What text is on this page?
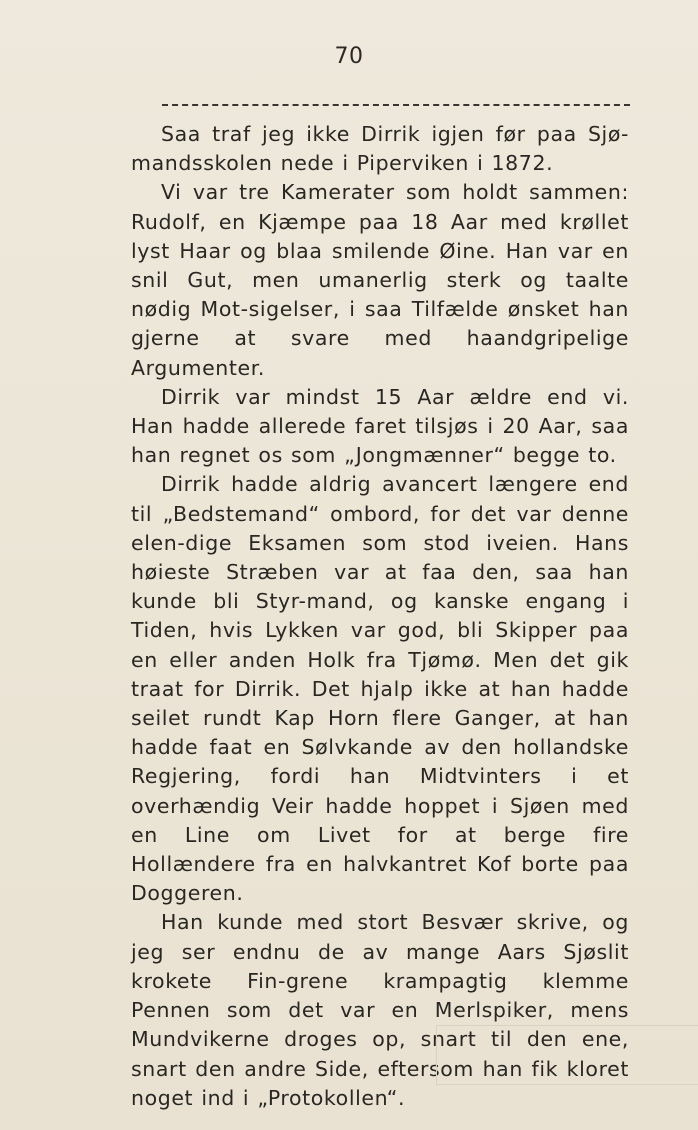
70

Saa traf jeg ikke Dirrik igjen før paa Sjø-mandsskolen nede i Piperviken i 1872.

Vi var tre Kamerater som holdt sammen: Rudolf, en Kjæmpe paa 18 Aar med krøllet lyst Haar og blaa smilende Øine. Han var en snil Gut, men umanerlig sterk og taalte nødig Mot-sigelser, i saa Tilfælde ønsket han gjerne at svare med haandgripelige Argumenter.

Dirrik var mindst 15 Aar ældre end vi. Han hadde allerede faret tilsjøs i 20 Aar, saa han regnet os som „Jongmænner“ begge to.

Dirrik hadde aldrig avancert længere end til „Bedstemand“ ombord, for det var denne elen-dige Eksamen som stod iveien. Hans høieste Stræben var at faa den, saa han kunde bli Styr-mand, og kanske engang i Tiden, hvis Lykken var god, bli Skipper paa en eller anden Holk fra Tjømø. Men det gik traat for Dirrik. Det hjalp ikke at han hadde seilet rundt Kap Horn flere Ganger, at han hadde faat en Sølvkande av den hollandske Regjering, fordi han Midtvinters i et overhændig Veir hadde hoppet i Sjøen med en Line om Livet for at berge fire Hollændere fra en halvkantret Kof borte paa Doggeren.

Han kunde med stort Besvær skrive, og jeg ser endnu de av mange Aars Sjøslit krokete Fin-grene krampagtig klemme Pennen som det var en Merlspiker, mens Mundvikerne droges op, snart til den ene, snart den andre Side, eftersom han fik kloret noget ind i „Protokollen“.
